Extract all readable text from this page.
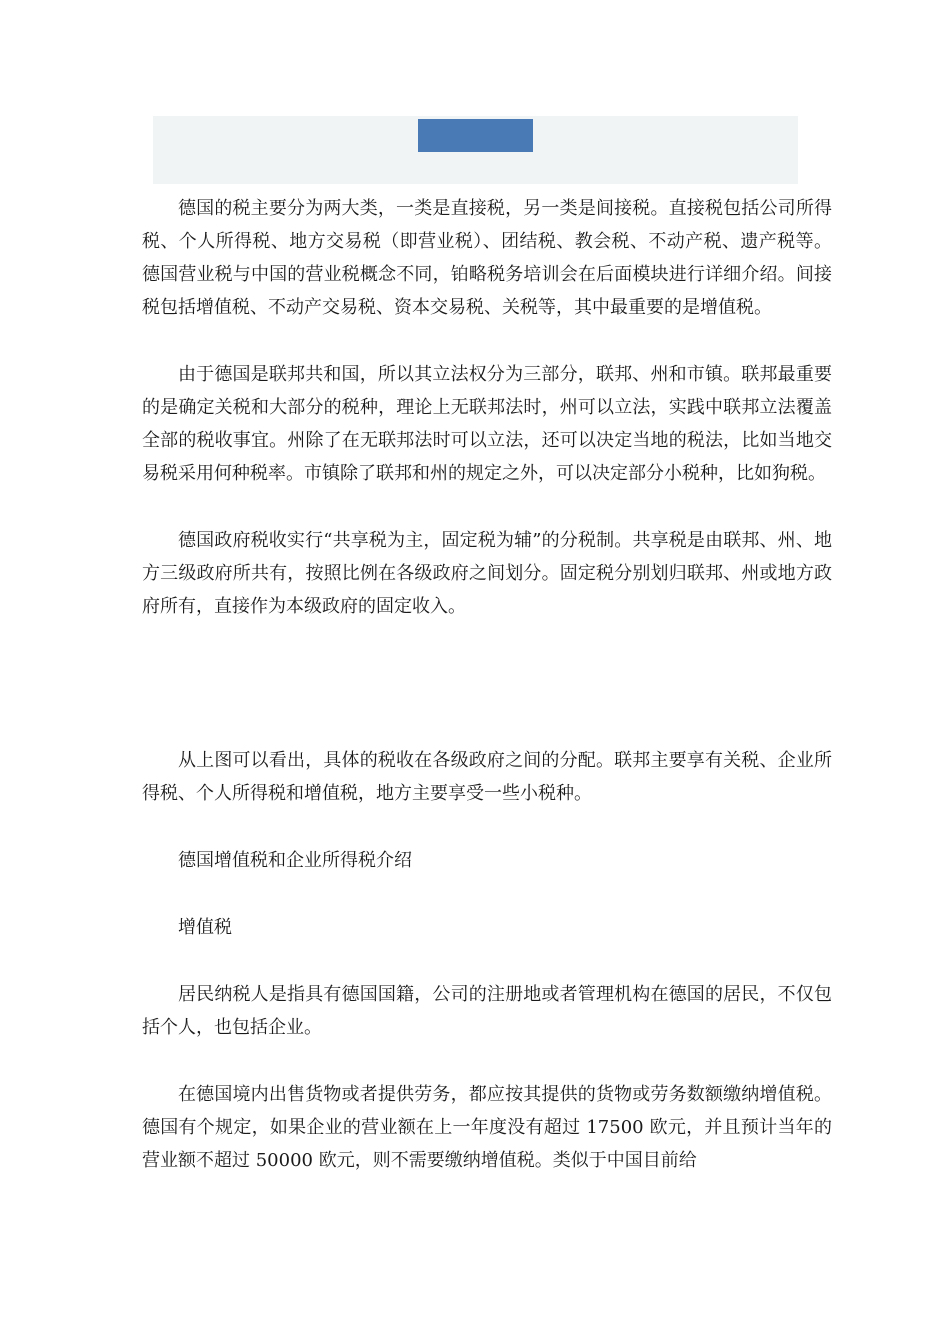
德国的税主要分为两大类，一类是直接税，另一类是间接税。直接税包括公司所得税、个人所得税、地方交易税（即营业税）、团结税、教会税、不动产税、遗产税等。德国营业税与中国的营业税概念不同，铂略税务培训会在后面模块进行详细介绍。间接税包括增值税、不动产交易税、资本交易税、关税等，其中最重要的是增值税。

由于德国是联邦共和国，所以其立法权分为三部分，联邦、州和市镇。联邦最重要的是确定关税和大部分的税种，理论上无联邦法时，州可以立法，实践中联邦立法覆盖全部的税收事宜。州除了在无联邦法时可以立法，还可以决定当地的税法，比如当地交易税采用何种税率。市镇除了联邦和州的规定之外，可以决定部分小税种，比如狗税。

德国政府税收实行“共享税为主，固定税为辅”的分税制。共享税是由联邦、州、地方三级政府所共有，按照比例在各级政府之间划分。固定税分别划归联邦、州或地方政府所有，直接作为本级政府的固定收入。

从上图可以看出，具体的税收在各级政府之间的分配。联邦主要享有关税、企业所得税、个人所得税和增值税，地方主要享受一些小税种。

德国增值税和企业所得税介绍

增值税

居民纳税人是指具有德国国籍，公司的注册地或者管理机构在德国的居民，不仅包括个人，也包括企业。

在德国境内出售货物或者提供劳务，都应按其提供的货物或劳务数额缴纳增值税。德国有个规定，如果企业的营业额在上一年度没有超过 17500 欧元，并且预计当年的营业额不超过 50000 欧元，则不需要缴纳增值税。类似于中国目前给
